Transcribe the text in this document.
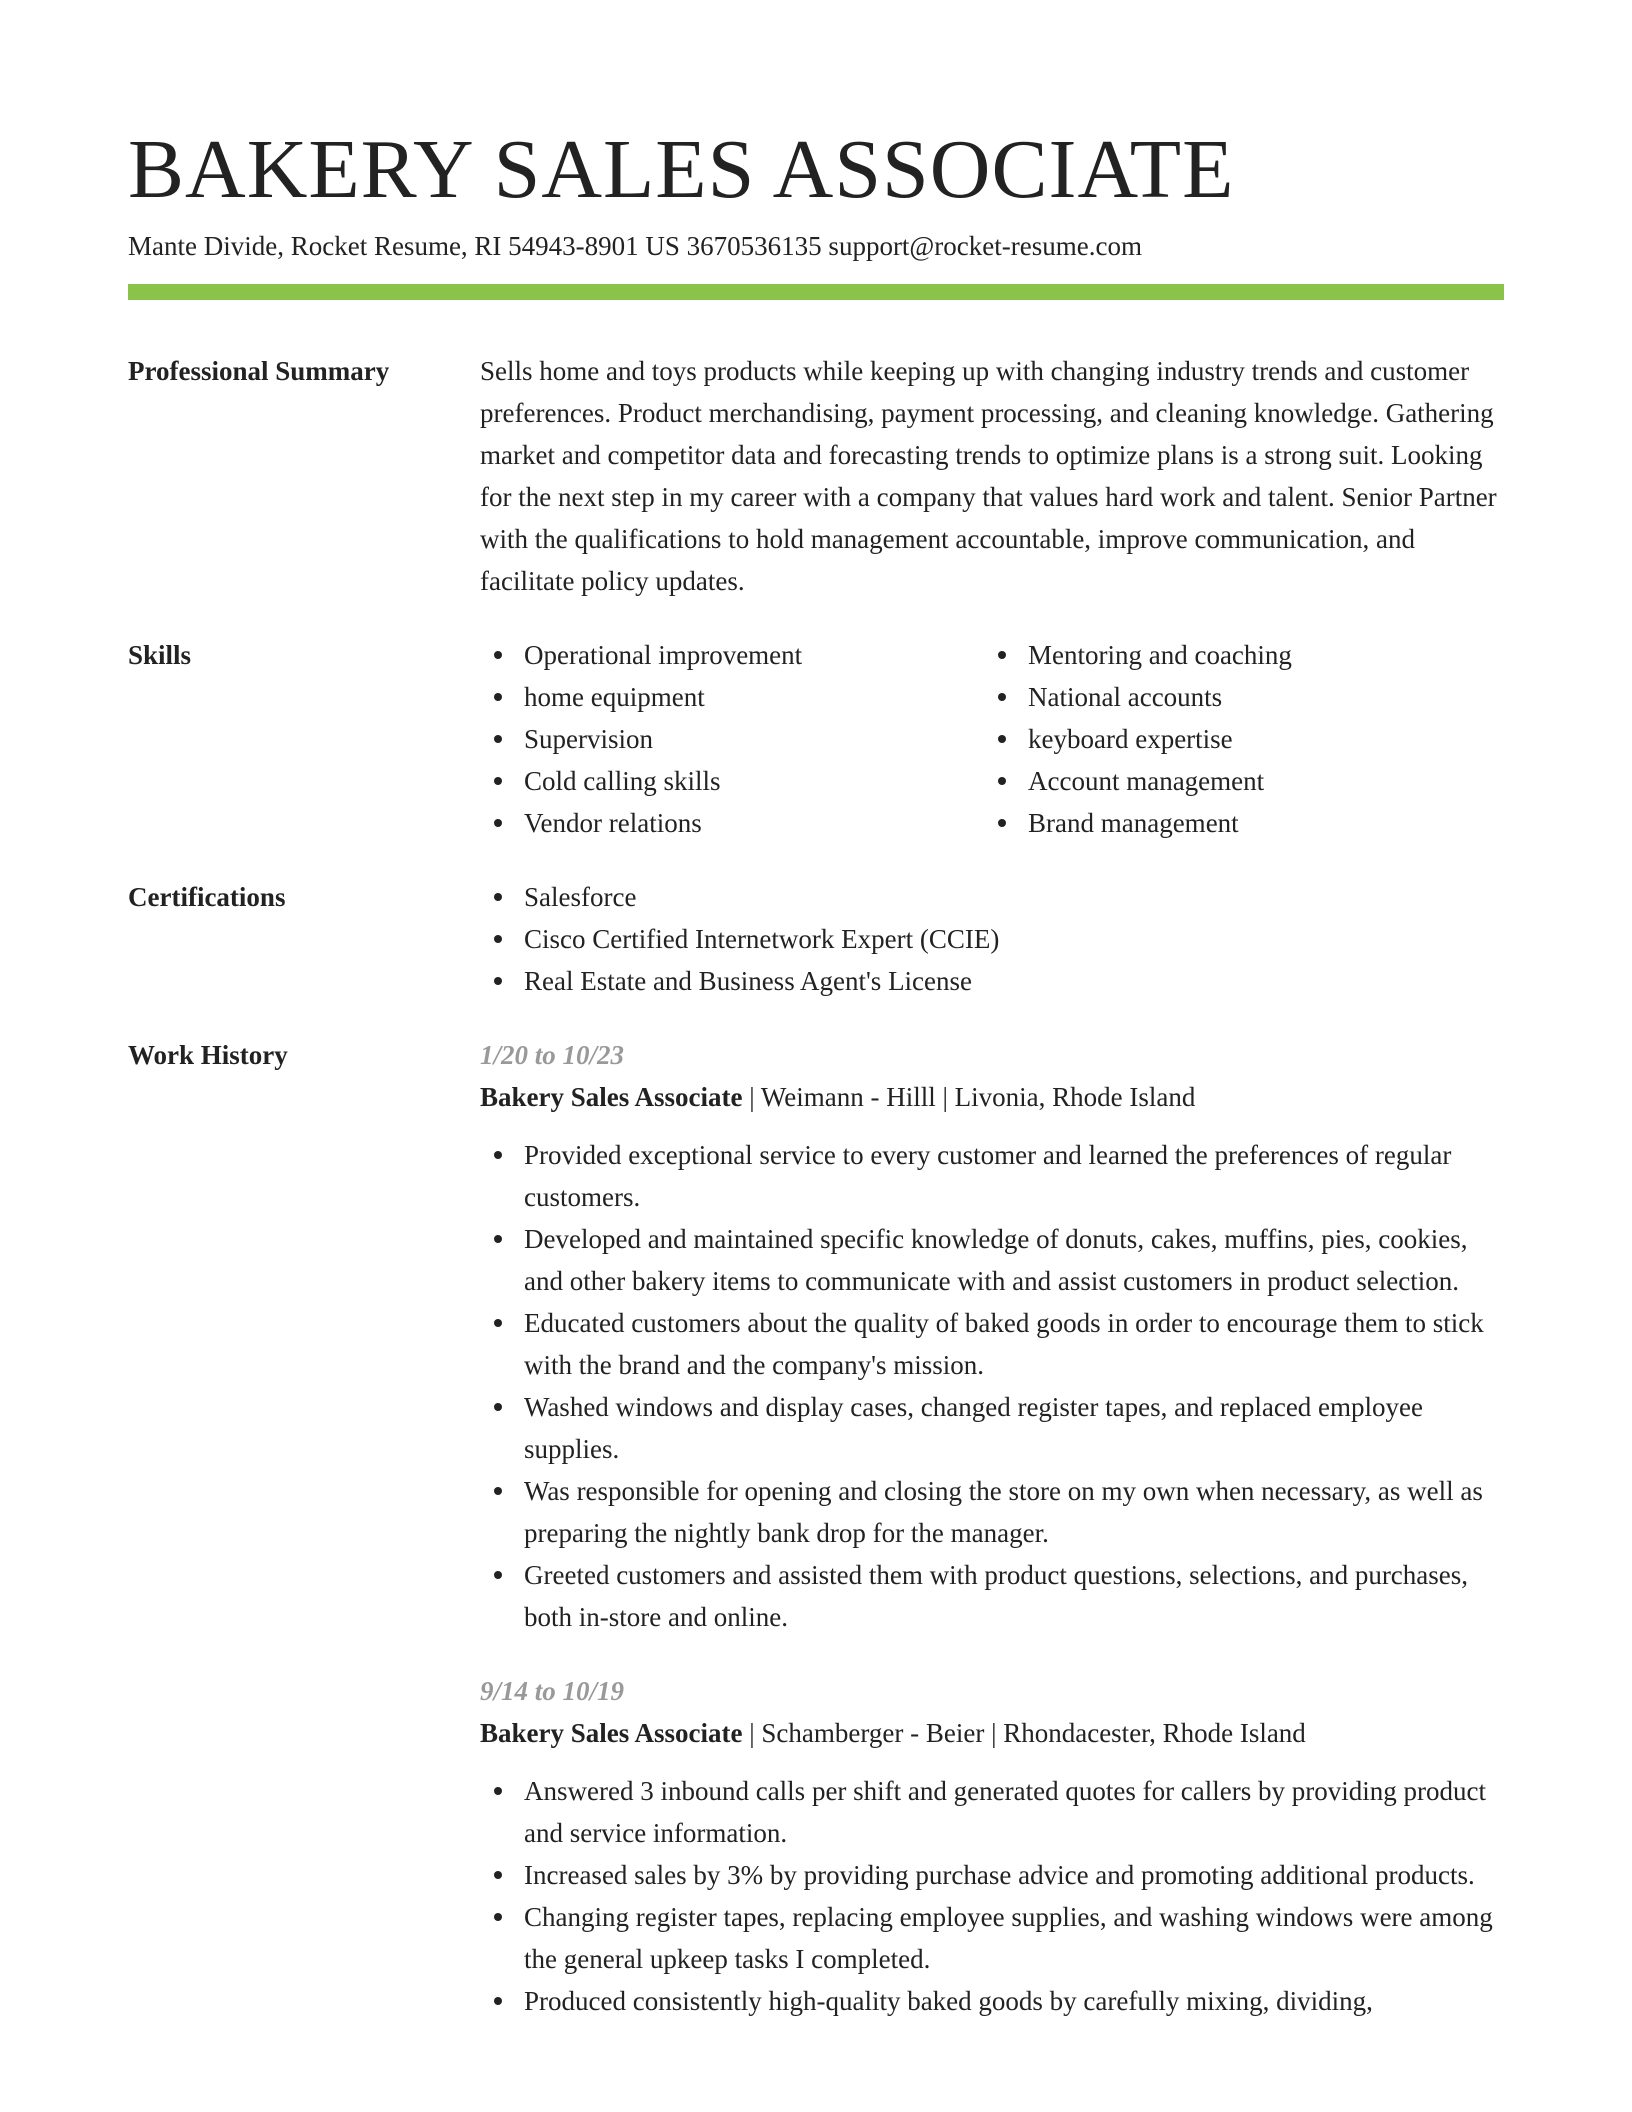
BAKERY SALES ASSOCIATE
Mante Divide, Rocket Resume, RI 54943-8901 US 3670536135 support@rocket-resume.com
Professional Summary	Sells home and toys products while keeping up with changing industry trends and customer preferences. Product merchandising, payment processing, and cleaning knowledge. Gathering market and competitor data and forecasting trends to optimize plans is a strong suit. Looking for the next step in my career with a company that values hard work and talent. Senior Partner with the qualifications to hold management accountable, improve communication, and facilitate policy updates.
Skills	Operational improvement
home equipment
Supervision
Cold calling skills
Vendor relations
Mentoring and coaching
National accounts
keyboard expertise
Account management
Brand management
Certifications	Salesforce
Cisco Certified Internetwork Expert (CCIE)
Real Estate and Business Agent's License
Work History	1/20 to 10/23
Bakery Sales Associate | Weimann - Hilll | Livonia, Rhode Island
Provided exceptional service to every customer and learned the preferences of regular customers.
Developed and maintained specific knowledge of donuts, cakes, muffins, pies, cookies, and other bakery items to communicate with and assist customers in product selection.
Educated customers about the quality of baked goods in order to encourage them to stick with the brand and the company's mission.
Washed windows and display cases, changed register tapes, and replaced employee supplies.
Was responsible for opening and closing the store on my own when necessary, as well as preparing the nightly bank drop for the manager.
Greeted customers and assisted them with product questions, selections, and purchases, both in-store and online.
9/14 to 10/19
Bakery Sales Associate | Schamberger - Beier | Rhondacester, Rhode Island
Answered 3 inbound calls per shift and generated quotes for callers by providing product and service information.
Increased sales by 3% by providing purchase advice and promoting additional products.
Changing register tapes, replacing employee supplies, and washing windows were among the general upkeep tasks I completed.
Produced consistently high-quality baked goods by carefully mixing, dividing,
